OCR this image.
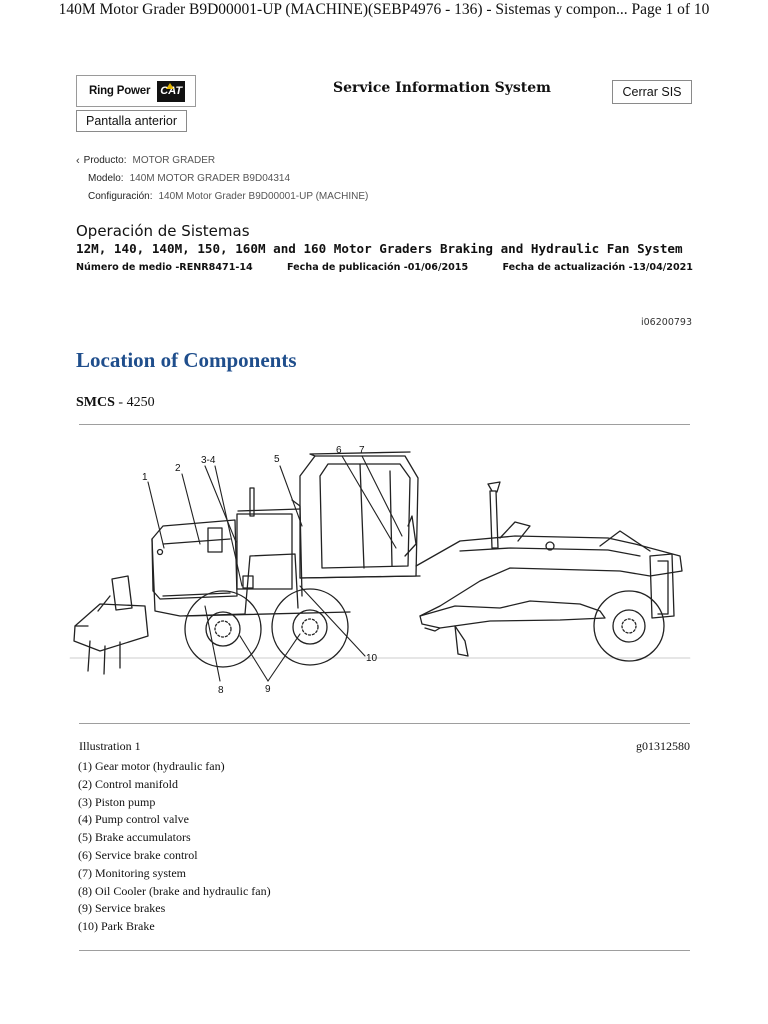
140M Motor Grader B9D00001-UP (MACHINE)(SEBP4976 - 136) - Sistemas y compon... Page 1 of 10
Ring Power CAT	Service Information System	Cerrar SIS
Pantalla anterior
‹ Producto: MOTOR GRADER
Modelo: 140M MOTOR GRADER B9D04314
Configuración: 140M Motor Grader B9D00001-UP (MACHINE)
Operación de Sistemas
12M, 140, 140M, 150, 160M and 160 Motor Graders Braking and Hydraulic Fan System
Número de medio -RENR8471-14	Fecha de publicación -01/06/2015	Fecha de actualización -13/04/2021
i06200793
Location of Components
SMCS - 4250
1
2
3-4	5
6 7
8	9
10
Illustration 1	g01312580
(1) Gear motor (hydraulic fan)
(2) Control manifold
(3) Piston pump
(4) Pump control valve
(5) Brake accumulators
(6) Service brake control
(7) Monitoring system
(8) Oil Cooler (brake and hydraulic fan)
(9) Service brakes
(10) Park Brake
